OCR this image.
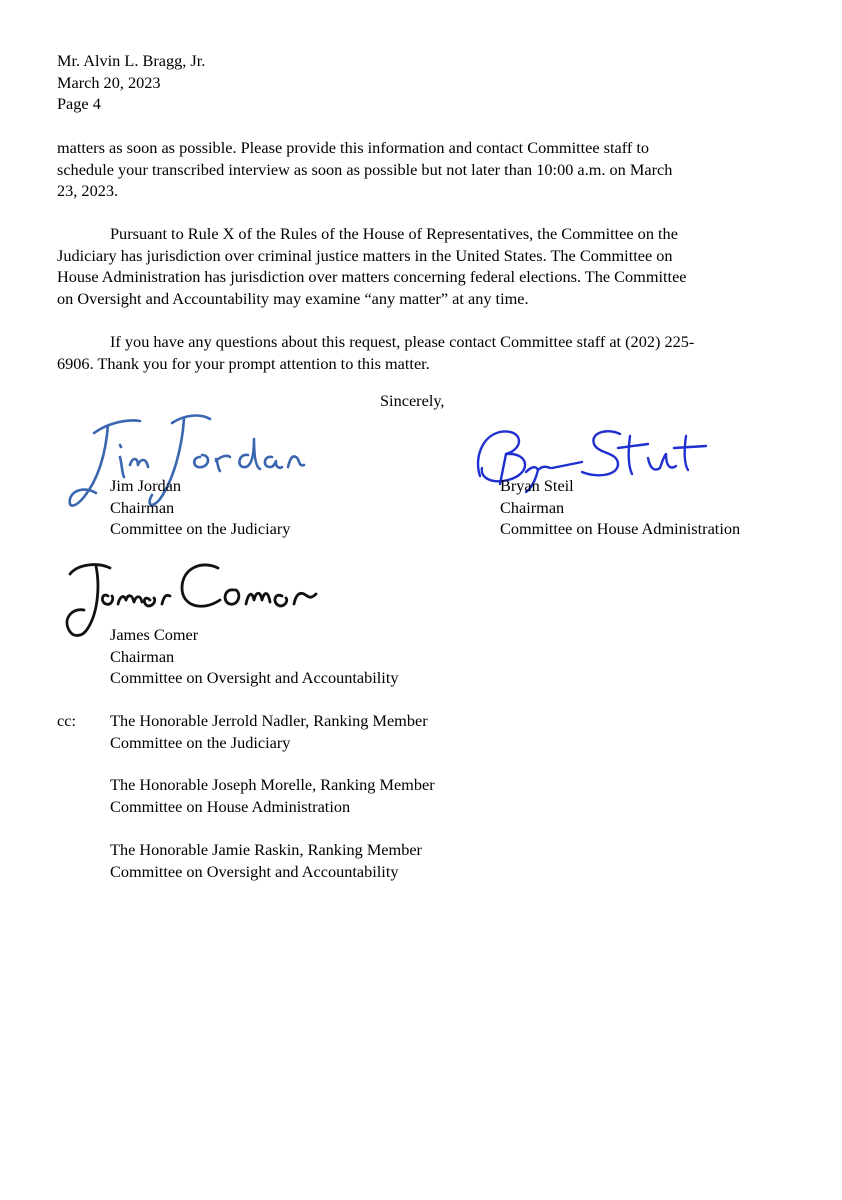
Mr. Alvin L. Bragg, Jr.
March 20, 2023
Page 4

matters as soon as possible. Please provide this information and contact Committee staff to
schedule your transcribed interview as soon as possible but not later than 10:00 a.m. on March
23, 2023.

Pursuant to Rule X of the Rules of the House of Representatives, the Committee on the
Judiciary has jurisdiction over criminal justice matters in the United States. The Committee on
House Administration has jurisdiction over matters concerning federal elections. The Committee
on Oversight and Accountability may examine “any matter” at any time.

If you have any questions about this request, please contact Committee staff at (202) 225-
6906. Thank you for your prompt attention to this matter.

Sincerely,
Jim Jordan
Chairman
Committee on the Judiciary
Bryan Steil
Chairman
Committee on House Administration
James Comer
Chairman
Committee on Oversight and Accountability
cc: The Honorable Jerrold Nadler, Ranking Member
Committee on the Judiciary
The Honorable Joseph Morelle, Ranking Member
Committee on House Administration
The Honorable Jamie Raskin, Ranking Member
Committee on Oversight and Accountability
